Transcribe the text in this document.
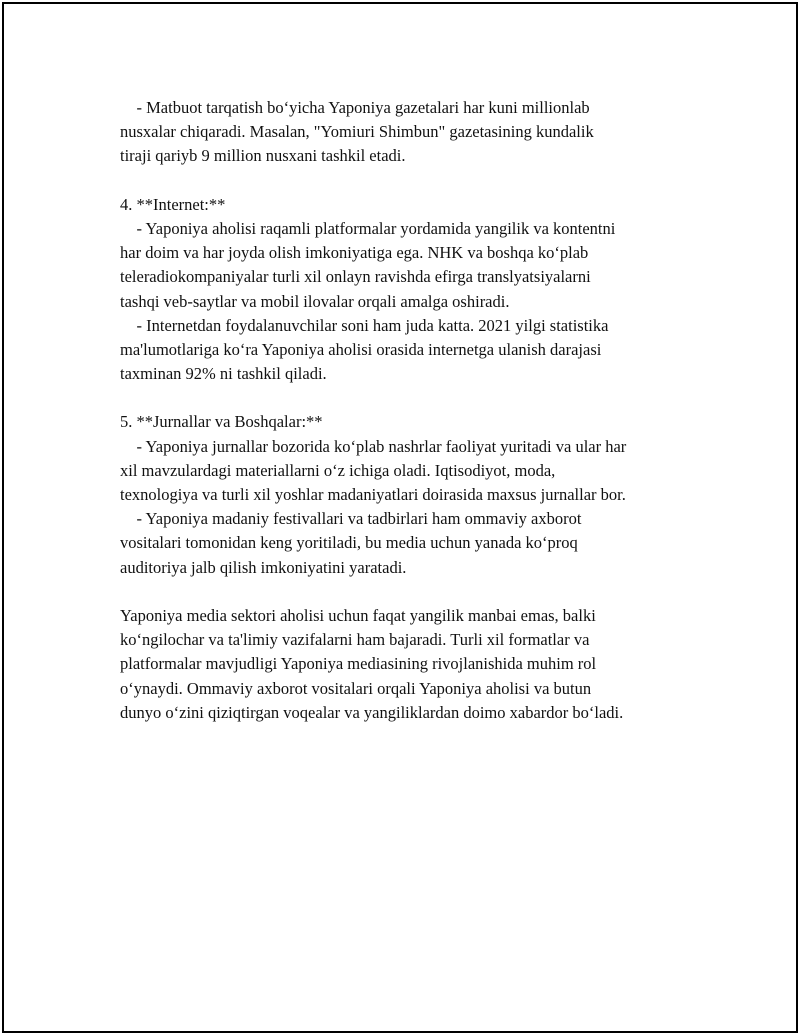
- Matbuot tarqatish bo‘yicha Yaponiya gazetalari har kuni millionlab
nusxalar chiqaradi. Masalan, "Yomiuri Shimbun" gazetasining kundalik
tiraji qariyb 9 million nusxani tashkil etadi.
4. **Internet:**
- Yaponiya aholisi raqamli platformalar yordamida yangilik va kontentni
har doim va har joyda olish imkoniyatiga ega. NHK va boshqa ko‘plab
teleradiokompaniyalar turli xil onlayn ravishda efirga translyatsiyalarni
tashqi veb-saytlar va mobil ilovalar orqali amalga oshiradi.
- Internetdan foydalanuvchilar soni ham juda katta. 2021 yilgi statistika
ma'lumotlariga ko‘ra Yaponiya aholisi orasida internetga ulanish darajasi
taxminan 92% ni tashkil qiladi.
5. **Jurnallar va Boshqalar:**
- Yaponiya jurnallar bozorida ko‘plab nashrlar faoliyat yuritadi va ular har
xil mavzulardagi materiallarni o‘z ichiga oladi. Iqtisodiyot, moda,
texnologiya va turli xil yoshlar madaniyatlari doirasida maxsus jurnallar bor.
- Yaponiya madaniy festivallari va tadbirlari ham ommaviy axborot
vositalari tomonidan keng yoritiladi, bu media uchun yanada ko‘proq
auditoriya jalb qilish imkoniyatini yaratadi.
Yaponiya media sektori aholisi uchun faqat yangilik manbai emas, balki
ko‘ngilochar va ta'limiy vazifalarni ham bajaradi. Turli xil formatlar va
platformalar mavjudligi Yaponiya mediasining rivojlanishida muhim rol
o‘ynaydi. Ommaviy axborot vositalari orqali Yaponiya aholisi va butun
dunyo o‘zini qiziqtirgan voqealar va yangiliklardan doimo xabardor bo‘ladi.
